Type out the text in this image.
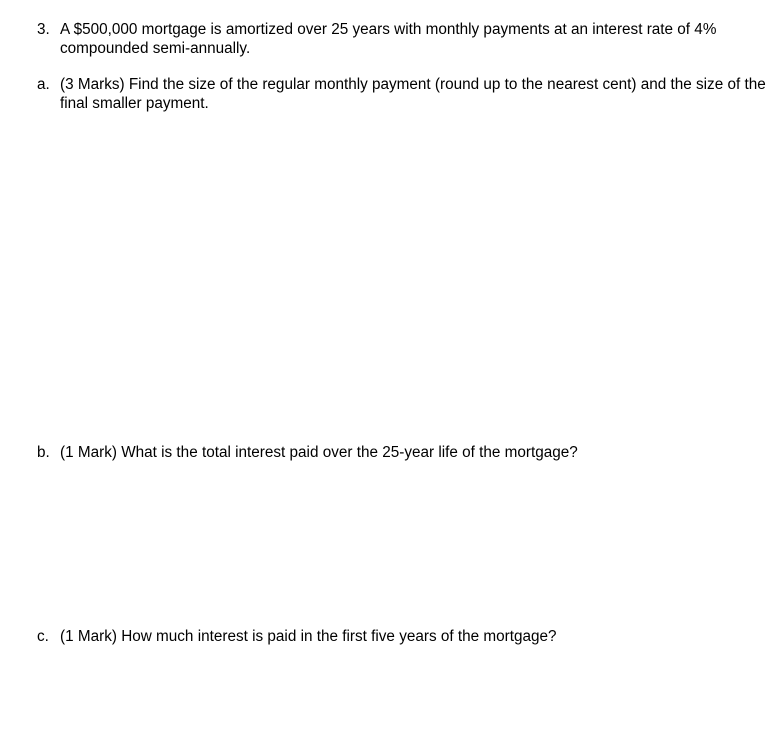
3. A $500,000 mortgage is amortized over 25 years with monthly payments at an interest rate of 4% compounded semi-annually.
a. (3 Marks) Find the size of the regular monthly payment (round up to the nearest cent) and the size of the final smaller payment.
b. (1 Mark) What is the total interest paid over the 25-year life of the mortgage?
c. (1 Mark) How much interest is paid in the first five years of the mortgage?
